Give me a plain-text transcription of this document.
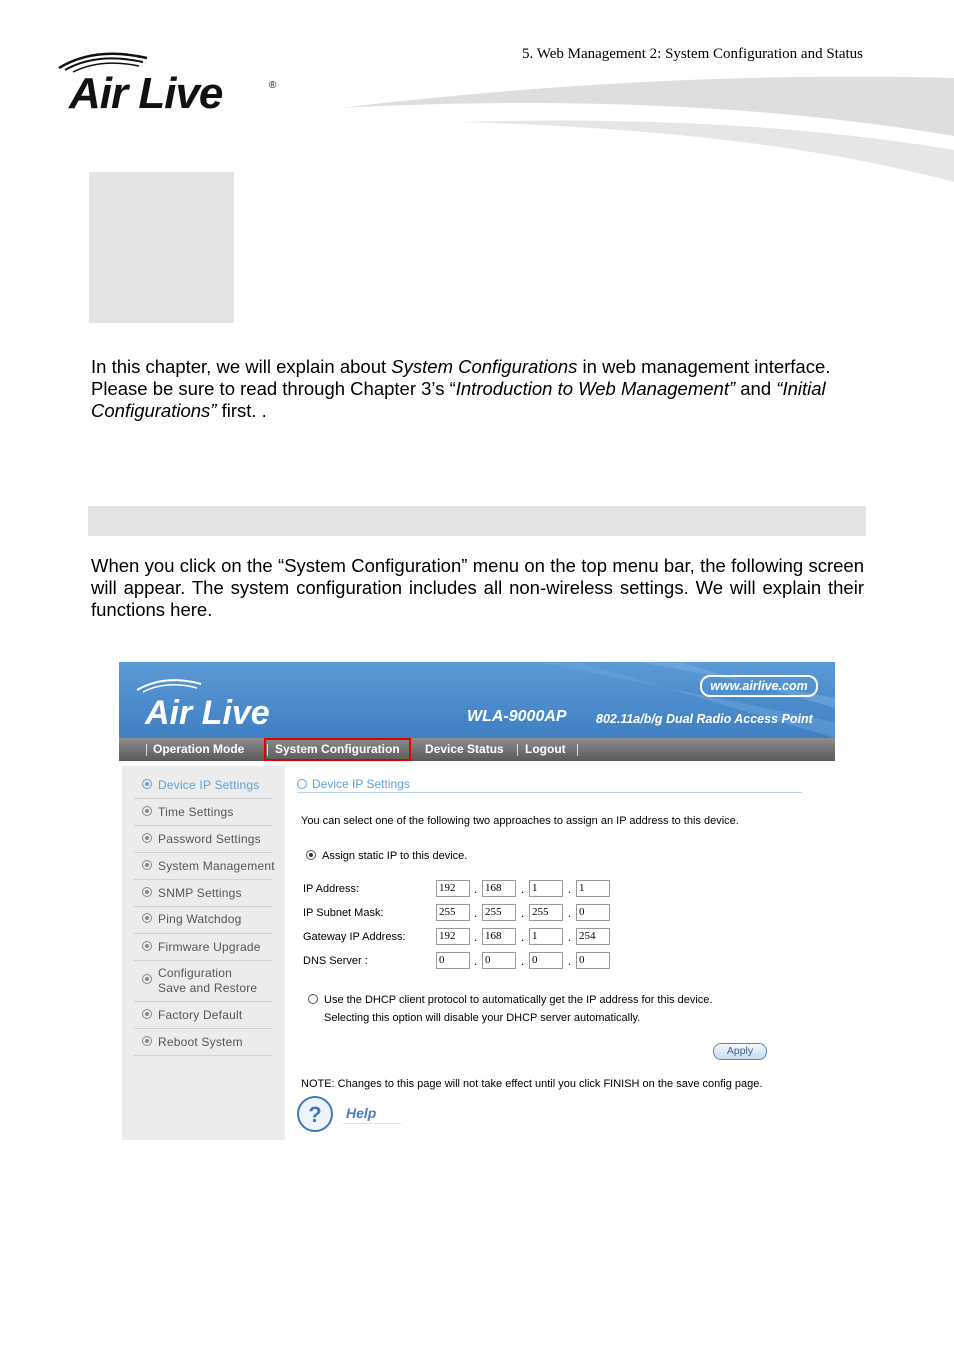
Air Live	®
5. Web Management 2: System Configuration and Status
In this chapter, we will explain about System Configurations in web management interface. Please be sure to read through Chapter 3’s “Introduction to Web Management” and “Initial Configurations” first. .
When you click on the “System Configuration” menu on the top menu bar, the following screen will appear. The system configuration includes all non-wireless settings. We will explain their functions here.
Air Live
www.airlive.com
WLA-9000AP 802.11a/b/g Dual Radio Access Point
Operation Mode	System Configuration	Device Status Logout
Device IP Settings
Time Settings
Password Settings
System Management
SNMP Settings
Ping Watchdog
Firmware Upgrade
Configuration
Save and Restore
Factory Default
Reboot System
Device IP Settings
You can select one of the following two approaches to assign an IP address to this device.
Assign static IP to this device.
IP Address:	192	. 168	. 1	. 1
IP Subnet Mask:	255	. 255	. 255	. 0
Gateway IP Address:	192	. 168	. 1	. 254
DNS Server :	0	. 0	. 0	. 0
Use the DHCP client protocol to automatically get the IP address for this device.
Selecting this option will disable your DHCP server automatically.
Apply
NOTE: Changes to this page will not take effect until you click FINISH on the save config page.
? Help
